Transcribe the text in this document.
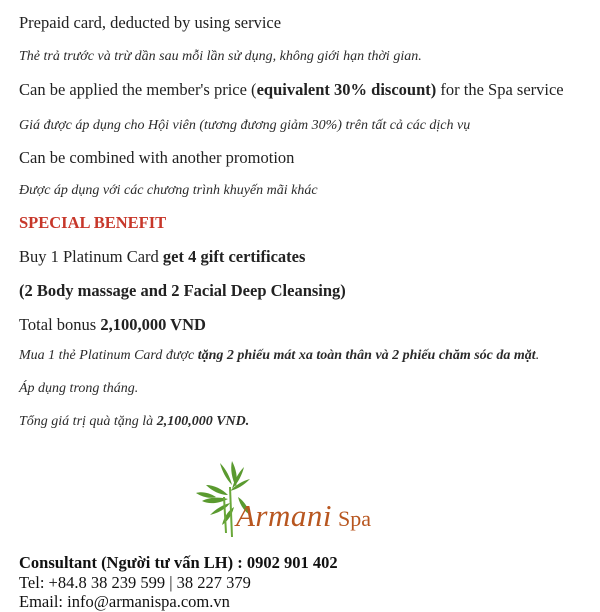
Prepaid card, deducted by using service

Thẻ trả trước và trừ dần sau mỗi lần sử dụng, không giới hạn thời gian.

Can be applied the member's price (equivalent 30% discount) for the Spa service

Giá được áp dụng cho Hội viên (tương đương giảm 30%) trên tất cả các dịch vụ

Can be combined with another promotion

Được áp dụng với các chương trình khuyến mãi khác

SPECIAL BENEFIT

Buy 1 Platinum Card get 4 gift certificates

(2 Body massage and 2 Facial Deep Cleansing)

Total bonus 2,100,000 VND

Mua 1 thẻ Platinum Card được tặng 2 phiếu mát xa toàn thân và 2 phiếu chăm sóc da mặt.

Áp dụng trong tháng.

Tổng giá trị quà tặng là 2,100,000 VND.

Armani Spa
Consultant (Người tư vấn LH) : 0902 901 402
Tel: +84.8 38 239 599 | 38 227 379
Email: info@armanispa.com.vn
